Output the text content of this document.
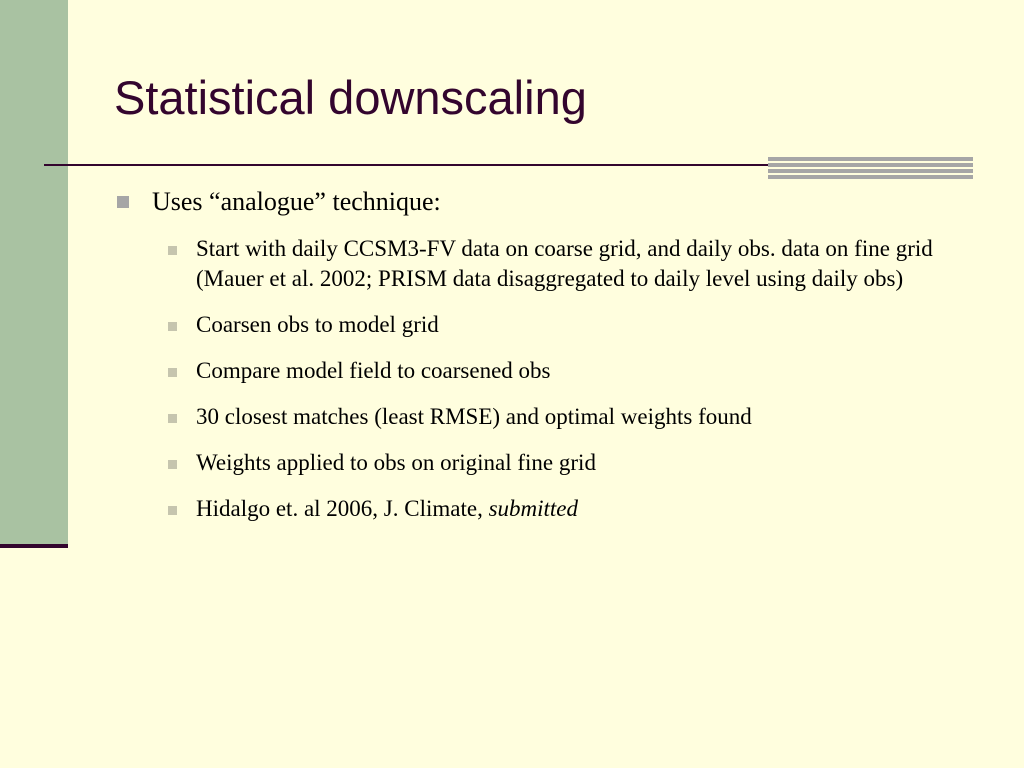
Statistical downscaling
Uses “analogue” technique:
Start with daily CCSM3-FV data on coarse grid, and daily obs. data on fine grid (Mauer et al. 2002; PRISM data disaggregated to daily level using daily obs)
Coarsen obs to model grid
Compare model field to coarsened obs
30 closest matches (least RMSE) and optimal weights found
Weights applied to obs on original fine grid
Hidalgo et. al 2006, J. Climate, submitted
